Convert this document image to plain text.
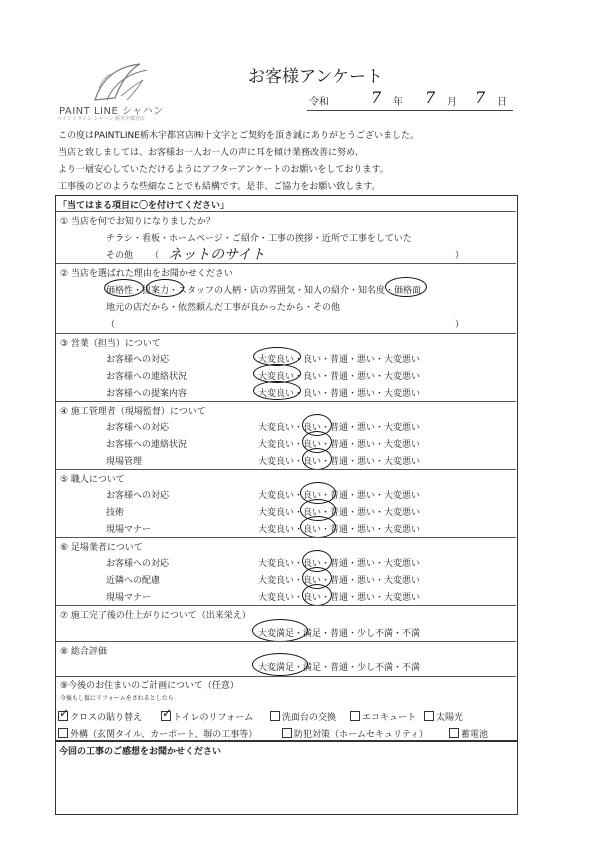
PAINT LINE シャハン
ペイントライン シャハン 栃木宇都宮店
お客様アンケート
令和	7 年 7 月 7 日
この度はPAINTLINE栃木宇都宮店㈱十文字とご契約を頂き誠にありがとうございました。
当店と致しましては、お客様お一人お一人の声に耳を傾け業務改善に努め、
より一層安心していただけるようにアフターアンケートのお願いをしております。
工事後のどのような些細なことでも結構です。是非、ご協力をお願い致します。
「当てはまる項目に〇を付けてください」
① 当店を何でお知りになりましたか？
チラシ・看板・ホームページ・ご紹介・工事の挨拶・近所で工事をしていた
その他 （ ネットのサイト	）
② 当店を選ばれた理由をお聞かせください
価格性・提案力・スタッフの人柄・店の雰囲気・知人の紹介・知名度・価格面
地元の店だから・依然頼んだ工事が良かったから・その他
（	）
③ 営業（担当）について
お客様への対応	大変良い・良い・普通・悪い・大変悪い
お客様への連絡状況	大変良い・良い・普通・悪い・大変悪い
お客様への提案内容	大変良い・良い・普通・悪い・大変悪い
④ 施工管理者（現場監督）について
お客様への対応	大変良い・良い・普通・悪い・大変悪い
お客様への連絡状況	大変良い・良い・普通・悪い・大変悪い
現場管理	大変良い・良い・普通・悪い・大変悪い
⑤ 職人について
お客様への対応	大変良い・良い・普通・悪い・大変悪い
技術	大変良い・良い・普通・悪い・大変悪い
現場マナー	大変良い・良い・普通・悪い・大変悪い
⑥ 足場業者について
お客様への対応	大変良い・良い・普通・悪い・大変悪い
近隣への配慮	大変良い・良い・普通・悪い・大変悪い
現場マナー	大変良い・良い・普通・悪い・大変悪い
⑦ 施工完了後の仕上がりについて（出来栄え）
大変満足・満足・普通・少し不満・不満
⑧ 総合評価
大変満足・満足・普通・少し不満・不満
⑨今後のお住まいのご計画について（任意）
今後もし仮にリフォームをされるとしたら
✓ クロスの貼り替え ✓ トイレのリフォーム	洗面台の交換	エコキュート	太陽光
外構（玄関タイル、カーポート、塀の工事等）	防犯対策（ホームセキュリティ）	蓄電池
今回の工事のご感想をお聞かせください
